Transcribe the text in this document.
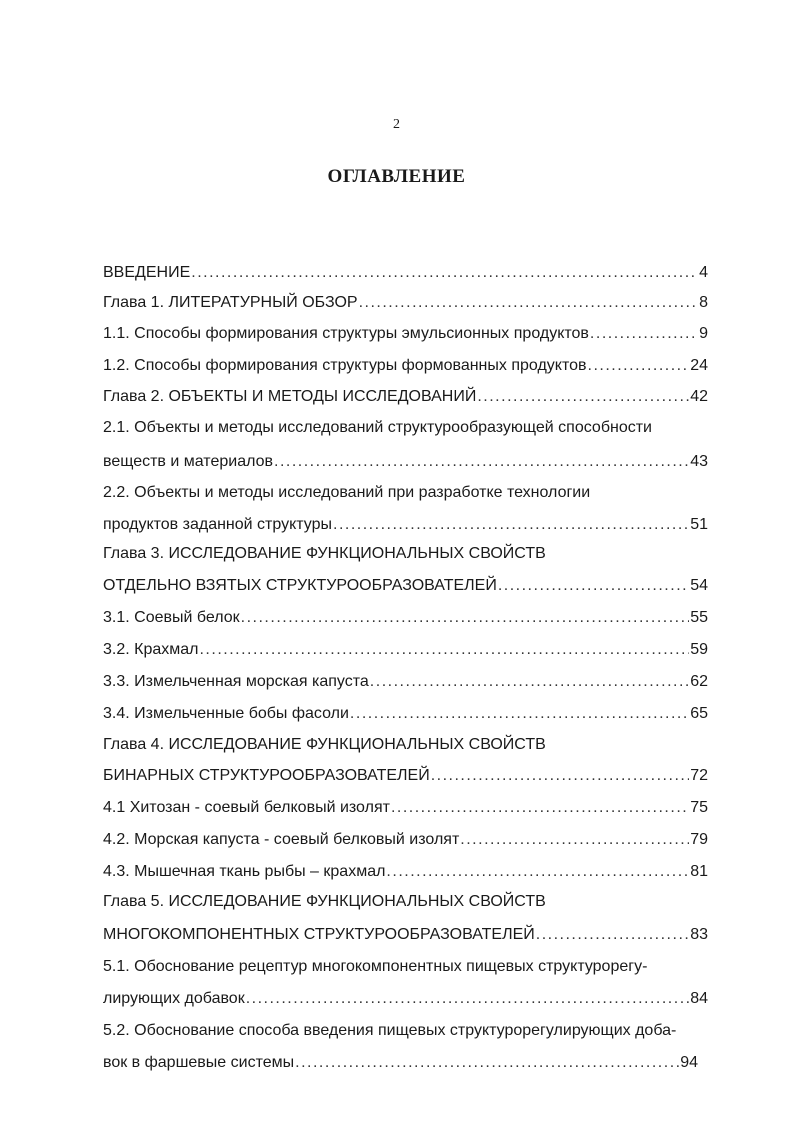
2
ОГЛАВЛЕНИЕ
ВВЕДЕНИЕ .....	4
Глава 1. ЛИТЕРАТУРНЫЙ ОБЗОР .....	8
1.1. Способы формирования структуры эмульсионных продуктов .....	9
1.2. Способы формирования структуры формованных продуктов .....	24
Глава 2. ОБЪЕКТЫ И МЕТОДЫ ИССЛЕДОВАНИЙ .....	42
2.1. Объекты и методы исследований структурообразующей способности
веществ и материалов .....	43
2.2. Объекты и методы исследований при разработке технологии
продуктов заданной структуры .....	51
Глава 3. ИССЛЕДОВАНИЕ ФУНКЦИОНАЛЬНЫХ СВОЙСТВ
ОТДЕЛЬНО ВЗЯТЫХ СТРУКТУРООБРАЗОВАТЕЛЕЙ .....	54
3.1. Соевый белок .....	55
3.2. Крахмал .....	59
3.3. Измельченная морская капуста .....	62
3.4. Измельченные бобы фасоли .....	65
Глава 4. ИССЛЕДОВАНИЕ ФУНКЦИОНАЛЬНЫХ СВОЙСТВ
БИНАРНЫХ СТРУКТУРООБРАЗОВАТЕЛЕЙ .....	72
4.1 Хитозан - соевый белковый изолят .....	75
4.2. Морская капуста - соевый белковый изолят .....	79
4.3. Мышечная ткань рыбы – крахмал .....	81
Глава 5. ИССЛЕДОВАНИЕ ФУНКЦИОНАЛЬНЫХ СВОЙСТВ
МНОГОКОМПОНЕНТНЫХ СТРУКТУРООБРАЗОВАТЕЛЕЙ .....	83
5.1. Обоснование рецептур многокомпонентных пищевых структурорегу-
лирующих добавок .....	84
5.2. Обоснование способа введения пищевых структурорегулирующих доба-
вок в фаршевые системы .....	94
